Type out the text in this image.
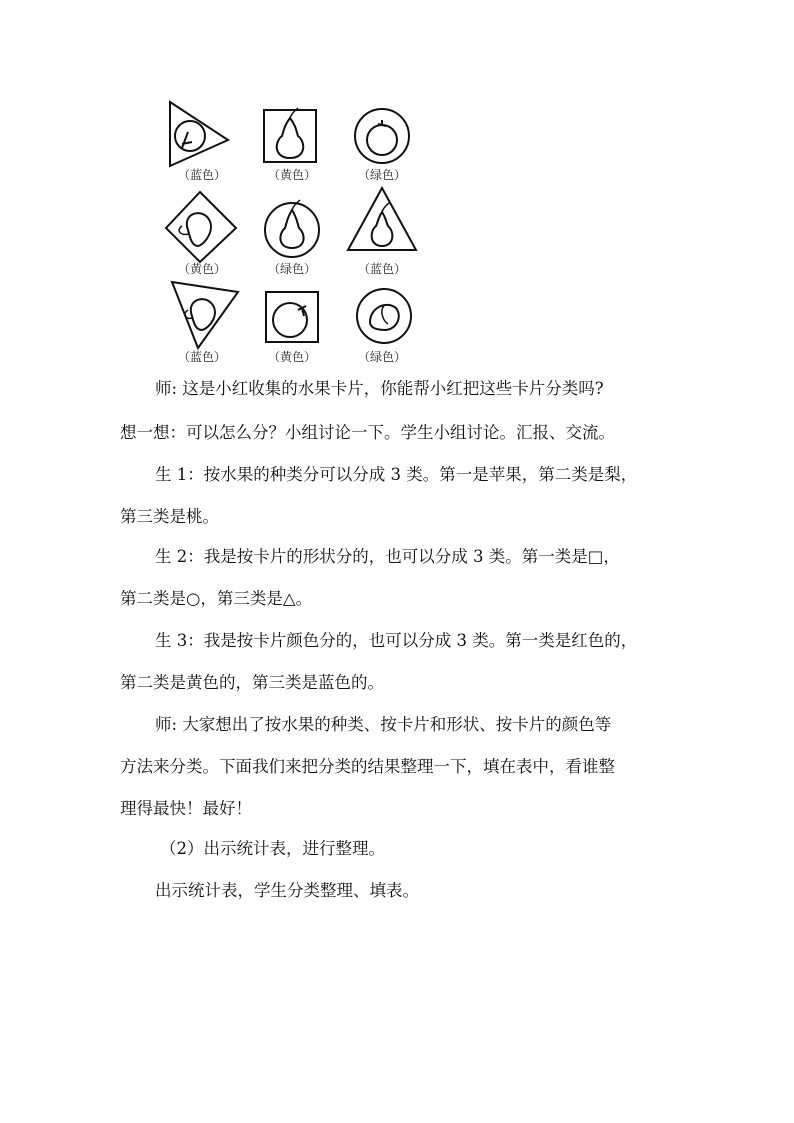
（蓝色）	（黄色）	（绿色）
（黄色）	（绿色）	（蓝色）
（蓝色）	（黄色）	（绿色）
师: 这是小红收集的水果卡片，你能帮小红把这些卡片分类吗?
想一想：可以怎么分？小组讨论一下。学生小组讨论。汇报、交流。
生 1：按水果的种类分可以分成 3 类。第一是苹果，第二类是梨，
第三类是桃。
生 2：我是按卡片的形状分的，也可以分成 3 类。第一类是□，
第二类是○，第三类是△。
生 3：我是按卡片颜色分的，也可以分成 3 类。第一类是红色的，
第二类是黄色的，第三类是蓝色的。
师: 大家想出了按水果的种类、按卡片和形状、按卡片的颜色等
方法来分类。下面我们来把分类的结果整理一下，填在表中，看谁整
理得最快！最好！
（2）出示统计表，进行整理。
出示统计表，学生分类整理、填表。
